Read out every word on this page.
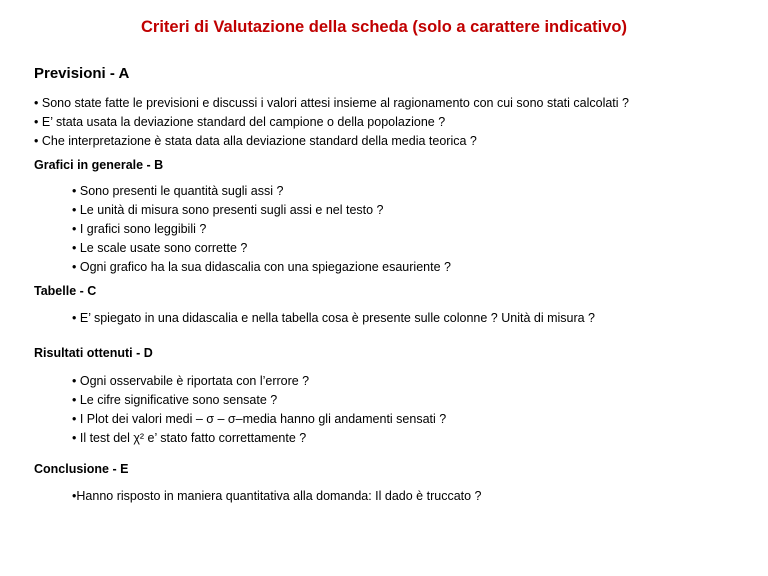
Criteri di Valutazione della scheda (solo a carattere indicativo)
Previsioni - A
• Sono state fatte le previsioni e discussi i valori attesi insieme al ragionamento con cui sono stati calcolati ?
• E’ stata usata la deviazione standard del campione o della popolazione ?
• Che interpretazione è stata data alla deviazione standard della media teorica ?
Grafici in generale - B
• Sono presenti le quantità sugli assi ?
• Le unità di misura sono presenti sugli assi e nel testo ?
• I grafici sono leggibili ?
• Le scale usate sono corrette ?
• Ogni grafico ha la sua didascalia con una spiegazione esauriente ?
Tabelle - C
• E’ spiegato in una didascalia e nella tabella cosa è presente sulle colonne ? Unità di misura ?
Risultati ottenuti - D
• Ogni osservabile è riportata con l’errore ?
• Le cifre significative sono sensate ?
• I Plot dei valori medi – σ – σ–media hanno gli andamenti sensati ?
• Il test del χ² e’ stato fatto correttamente ?
Conclusione - E
• Hanno risposto in maniera quantitativa alla domanda: Il dado è truccato ?
